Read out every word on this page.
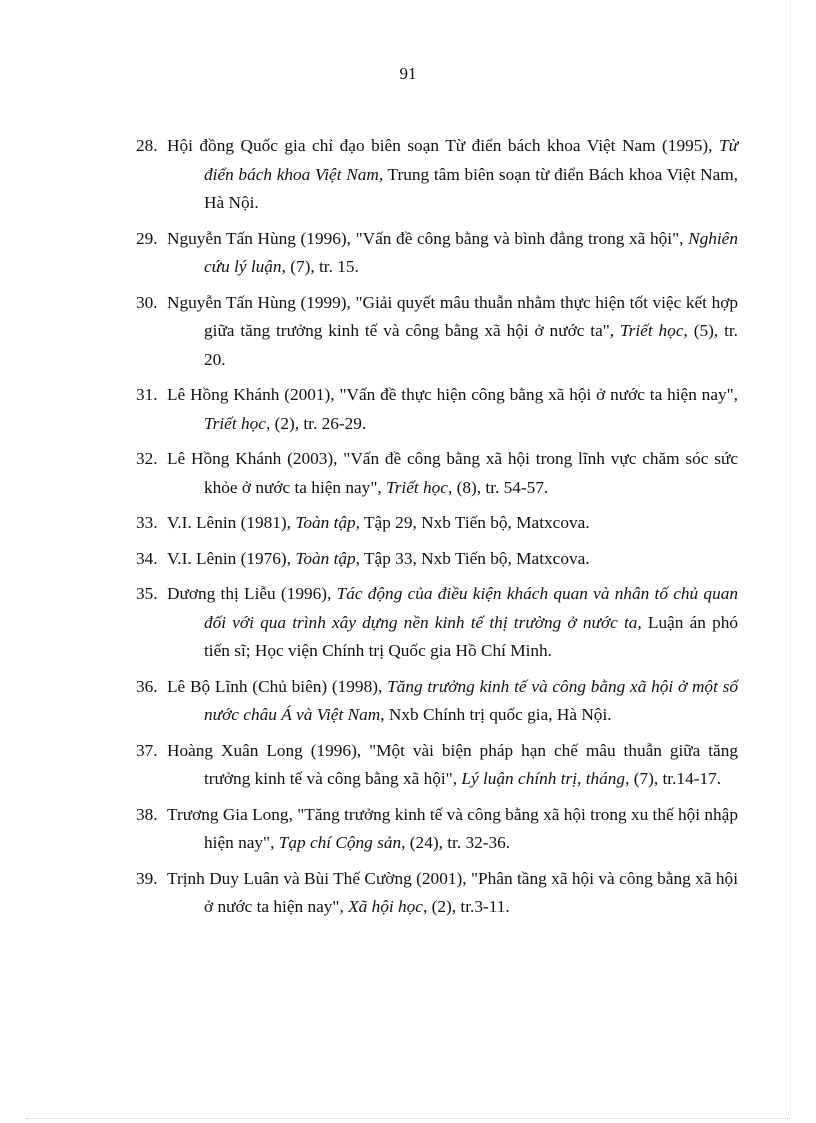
91
28. Hội đồng Quốc gia chỉ đạo biên soạn Từ điển bách khoa Việt Nam (1995), Từ điển bách khoa Việt Nam, Trung tâm biên soạn từ điển Bách khoa Việt Nam, Hà Nội.
29. Nguyễn Tấn Hùng (1996), "Vấn đề công bằng và bình đẳng trong xã hội", Nghiên cứu lý luận, (7), tr. 15.
30. Nguyễn Tấn Hùng (1999), "Giải quyết mâu thuẫn nhằm thực hiện tốt việc kết hợp giữa tăng trưởng kinh tế và công bằng xã hội ở nước ta", Triết học, (5), tr. 20.
31. Lê Hồng Khánh (2001), "Vấn đề thực hiện công bằng xã hội ở nước ta hiện nay", Triết học, (2), tr. 26-29.
32. Lê Hồng Khánh (2003), "Vấn đề công bằng xã hội trong lĩnh vực chăm sóc sức khỏe ở nước ta hiện nay", Triết học, (8), tr. 54-57.
33. V.I. Lênin (1981), Toàn tập, Tập 29, Nxb Tiến bộ, Matxcova.
34. V.I. Lênin (1976), Toàn tập, Tập 33, Nxb Tiến bộ, Matxcova.
35. Dương thị Liễu (1996), Tác động của điều kiện khách quan và nhân tố chủ quan đối với qua trình xây dựng nền kinh tế thị trường ở nước ta, Luận án phó tiến sĩ; Học viện Chính trị Quốc gia Hồ Chí Minh.
36. Lê Bộ Lĩnh (Chủ biên) (1998), Tăng trưởng kinh tế và công bằng xã hội ở một số nước châu Á và Việt Nam, Nxb Chính trị quốc gia, Hà Nội.
37. Hoàng Xuân Long (1996), "Một vài biện pháp hạn chế mâu thuẫn giữa tăng trưởng kinh tế và công bằng xã hội", Lý luận chính trị, tháng, (7), tr.14-17.
38. Trương Gia Long, "Tăng trưởng kinh tế và công bằng xã hội trong xu thế hội nhập hiện nay", Tạp chí Cộng sản, (24), tr. 32-36.
39. Trịnh Duy Luân và Bùi Thế Cường (2001), "Phân tầng xã hội và công bằng xã hội ở nước ta hiện nay", Xã hội học, (2), tr.3-11.
